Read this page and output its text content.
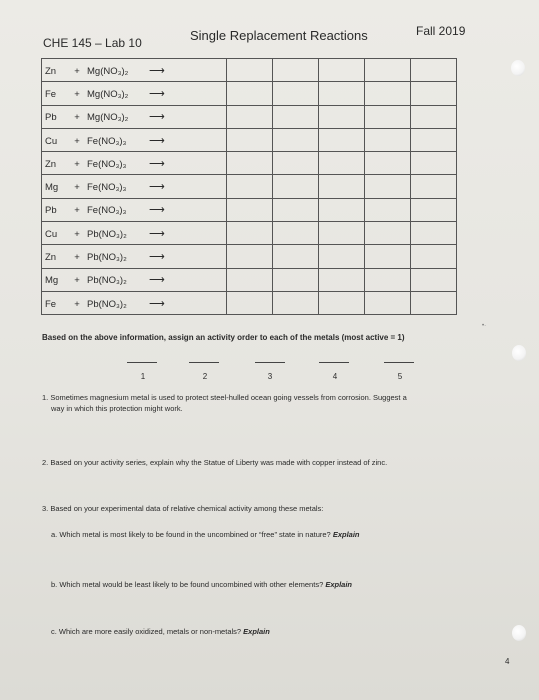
CHE 145 – Lab 10	Single Replacement Reactions	Fall 2019
Zn + Mg(NO₃)₂ ⟶					
Fe + Mg(NO₃)₂ ⟶					
Pb + Mg(NO₃)₂ ⟶					
Cu + Fe(NO₃)₃ ⟶					
Zn + Fe(NO₃)₃ ⟶					
Mg + Fe(NO₃)₃ ⟶					
Pb + Fe(NO₃)₃ ⟶					
Cu + Pb(NO₃)₂ ⟶					
Zn + Pb(NO₃)₂ ⟶					
Mg + Pb(NO₃)₂ ⟶					
Fe + Pb(NO₃)₂ ⟶					
•·
Based on the above information, assign an activity order to each of the metals (most active = 1)
1	2	3	4	5
1. Sometimes magnesium metal is used to protect steel-hulled ocean going vessels from corrosion. Suggest a
way in which this protection might work.
2. Based on your activity series, explain why the Statue of Liberty was made with copper instead of zinc.
3. Based on your experimental data of relative chemical activity among these metals:
a. Which metal is most likely to be found in the uncombined or “free” state in nature? Explain
b. Which metal would be least likely to be found uncombined with other elements? Explain
c. Which are more easily oxidized, metals or non-metals? Explain
4
